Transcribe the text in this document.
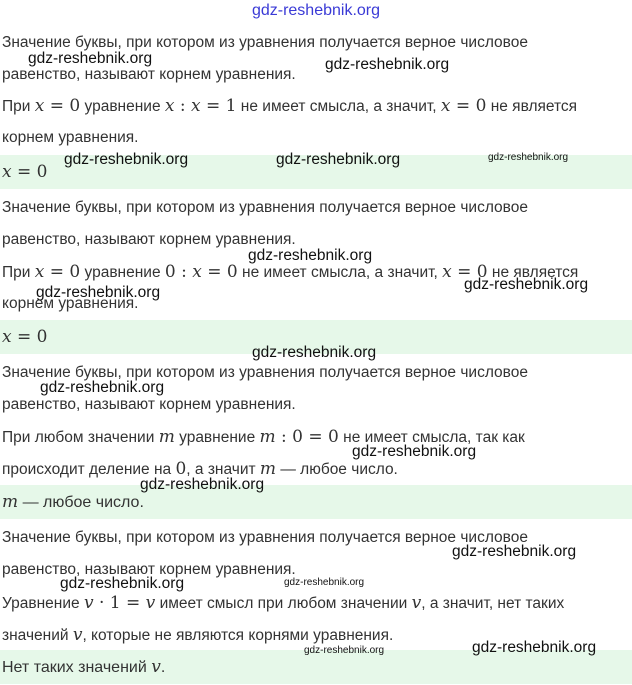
gdz-reshebnik.org
Значение буквы, при котором из уравнения получается верное числовое
равенство, называют корнем уравнения.
При x = 0 уравнение x : x = 1 не имеет смысла, а значит, x = 0 не является
корнем уравнения.
x = 0
Значение буквы, при котором из уравнения получается верное числовое
равенство, называют корнем уравнения.
При x = 0 уравнение 0 : x = 0 не имеет смысла, а значит, x = 0 не является
корнем уравнения.
x = 0
Значение буквы, при котором из уравнения получается верное числовое
равенство, называют корнем уравнения.
При любом значении m уравнение m : 0 = 0 не имеет смысла, так как
происходит деление на 0, а значит m — любое число.
m — любое число.
Значение буквы, при котором из уравнения получается верное числовое
равенство, называют корнем уравнения.
Уравнение v · 1 = v имеет смысл при любом значении v, а значит, нет таких
значений v, которые не являются корнями уравнения.
Нет таких значений v.
gdz-reshebnik.org	gdz-reshebnik.org
gdz-reshebnik.org	gdz-reshebnik.org	gdz-reshebnik.org
gdz-reshebnik.org
gdz-reshebnik.org	gdz-reshebnik.org
gdz-reshebnik.org
gdz-reshebnik.org
gdz-reshebnik.org
gdz-reshebnik.org
gdz-reshebnik.org
gdz-reshebnik.org	gdz-reshebnik.org
gdz-reshebnik.org	gdz-reshebnik.org
